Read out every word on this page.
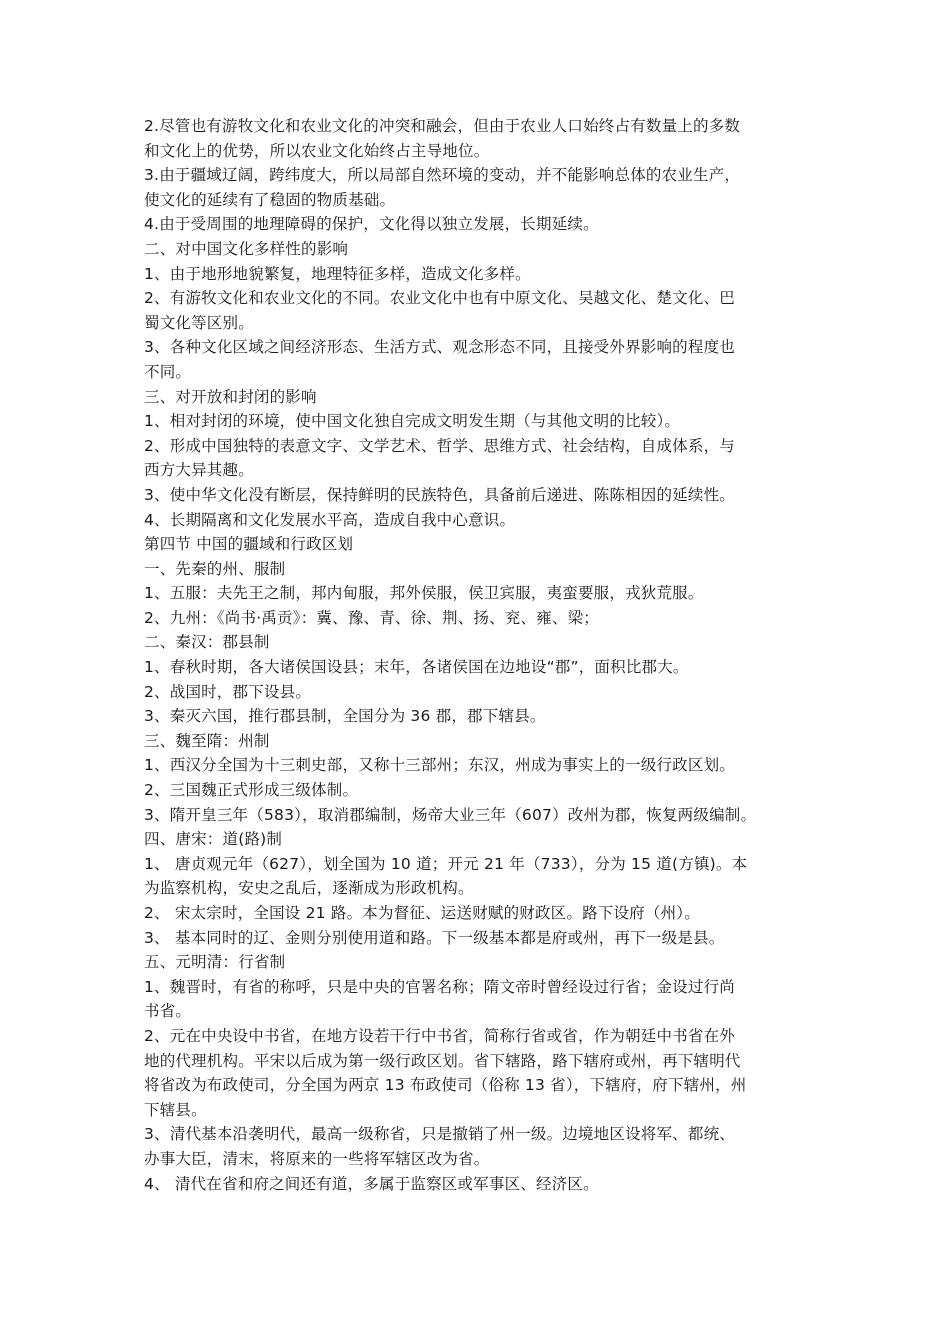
2.尽管也有游牧文化和农业文化的冲突和融会，但由于农业人口始终占有数量上的多数
和文化上的优势，所以农业文化始终占主导地位。
3.由于疆域辽阔，跨纬度大，所以局部自然环境的变动，并不能影响总体的农业生产，
使文化的延续有了稳固的物质基础。
4.由于受周围的地理障碍的保护，文化得以独立发展，长期延续。
二、对中国文化多样性的影响
1、由于地形地貌繁复，地理特征多样，造成文化多样。
2、有游牧文化和农业文化的不同。农业文化中也有中原文化、吴越文化、楚文化、巴
蜀文化等区别。
3、各种文化区域之间经济形态、生活方式、观念形态不同，且接受外界影响的程度也
不同。
三、对开放和封闭的影响
1、相对封闭的环境，使中国文化独自完成文明发生期（与其他文明的比较）。
2、形成中国独特的表意文字、文学艺术、哲学、思维方式、社会结构，自成体系，与
西方大异其趣。
3、使中华文化没有断层，保持鲜明的民族特色，具备前后递进、陈陈相因的延续性。
4、长期隔离和文化发展水平高，造成自我中心意识。
第四节 中国的疆域和行政区划
一、先秦的州、服制
1、五服：夫先王之制，邦内甸服，邦外侯服，侯卫宾服，夷蛮要服，戎狄荒服。
2、九州：《尚书·禹贡》：冀、豫、青、徐、荆、扬、兖、雍、梁；
二、秦汉：郡县制
1、春秋时期，各大诸侯国设县；末年，各诸侯国在边地设“郡”，面积比郡大。
2、战国时，郡下设县。
3、秦灭六国，推行郡县制，全国分为 36 郡，郡下辖县。
三、魏至隋：州制
1、西汉分全国为十三刺史部，又称十三部州；东汉，州成为事实上的一级行政区划。
2、三国魏正式形成三级体制。
3、隋开皇三年（583），取消郡编制，炀帝大业三年（607）改州为郡，恢复两级编制。
四、唐宋：道(路)制
1、 唐贞观元年（627），划全国为 10 道；开元 21 年（733），分为 15 道(方镇)。本
为监察机构，安史之乱后，逐渐成为形政机构。
2、 宋太宗时，全国设 21 路。本为督征、运送财赋的财政区。路下设府（州）。
3、 基本同时的辽、金则分别使用道和路。下一级基本都是府或州，再下一级是县。
五、元明清：行省制
1、魏晋时，有省的称呼，只是中央的官署名称；隋文帝时曾经设过行省；金设过行尚
书省。
2、元在中央设中书省，在地方设若干行中书省，简称行省或省，作为朝廷中书省在外
地的代理机构。平宋以后成为第一级行政区划。省下辖路，路下辖府或州，再下辖明代
将省改为布政使司，分全国为两京 13 布政使司（俗称 13 省），下辖府，府下辖州，州
下辖县。
3、清代基本沿袭明代，最高一级称省，只是撤销了州一级。边境地区设将军、都统、
办事大臣，清末，将原来的一些将军辖区改为省。
4、 清代在省和府之间还有道，多属于监察区或军事区、经济区。
